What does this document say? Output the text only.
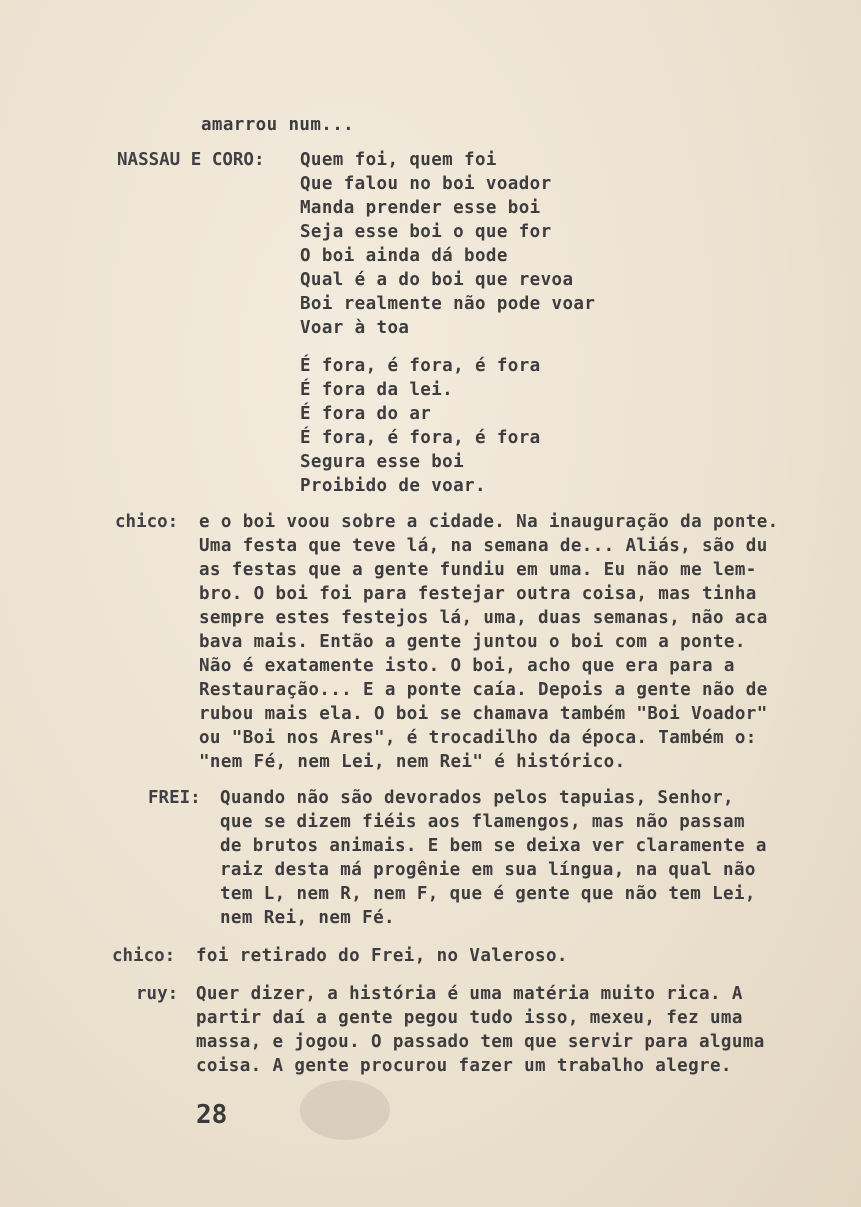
amarrou num...
NASSAU E CORO: Quem foi, quem foi
Que falou no boi voador
Manda prender esse boi
Seja esse boi o que for
O boi ainda dá bode
Qual é a do boi que revoa
Boi realmente não pode voar
Voar à toa
É fora, é fora, é fora
É fora da lei.
É fora do ar
É fora, é fora, é fora
Segura esse boi
Proibido de voar.
chico: e o boi voou sobre a cidade. Na inauguração da ponte.
Uma festa que teve lá, na semana de... Aliás, são du
as festas que a gente fundiu em uma. Eu não me lem-
bro. O boi foi para festejar outra coisa, mas tinha
sempre estes festejos lá, uma, duas semanas, não aca
bava mais. Então a gente juntou o boi com a ponte.
Não é exatamente isto. O boi, acho que era para a
Restauração... E a ponte caía. Depois a gente não de
rubou mais ela. O boi se chamava também "Boi Voador"
ou "Boi nos Ares", é trocadilho da época. Também o:
"nem Fé, nem Lei, nem Rei" é histórico.
FREI: Quando não são devorados pelos tapuias, Senhor,
que se dizem fiéis aos flamengos, mas não passam
de brutos animais. E bem se deixa ver claramente a
raiz desta má progênie em sua língua, na qual não
tem L, nem R, nem F, que é gente que não tem Lei,
nem Rei, nem Fé.
chico: foi retirado do Frei, no Valeroso.
ruy: Quer dizer, a história é uma matéria muito rica. A
partir daí a gente pegou tudo isso, mexeu, fez uma
massa, e jogou. O passado tem que servir para alguma
coisa. A gente procurou fazer um trabalho alegre.
28
